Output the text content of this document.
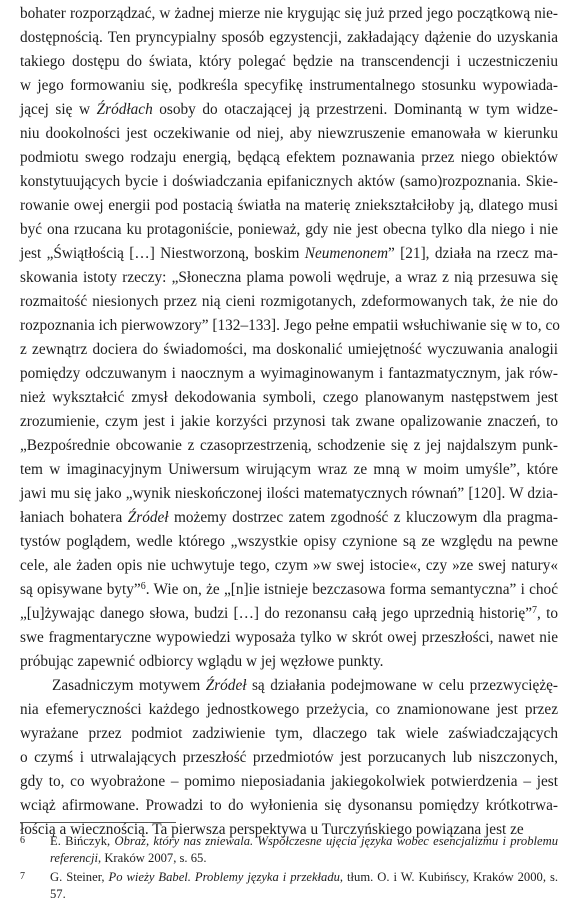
bohater rozporządzać, w żadnej mierze nie krygując się już przed jego początkową nie-
dostępnością. Ten pryncypialny sposób egzystencji, zakładający dążenie do uzyskania
takiego dostępu do świata, który polegać będzie na transcendencji i uczestniczeniu
w jego formowaniu się, podkreśla specyfikę instrumentalnego stosunku wypowiada-
jącej się w Źródłach osoby do otaczającej ją przestrzeni. Dominantą w tym widze-
niu dookolności jest oczekiwanie od niej, aby niewzruszenie emanowała w kierunku
podmiotu swego rodzaju energią, będącą efektem poznawania przez niego obiektów
konstytuujących bycie i doświadczania epifanicznych aktów (samo)rozpoznania. Skie-
rowanie owej energii pod postacią światła na materię zniekształciłoby ją, dlatego musi
być ona rzucana ku protagoniście, ponieważ, gdy nie jest obecna tylko dla niego i nie
jest „Świątłością […] Niestworzoną, boskim Neumenonem” [21], działa na rzecz ma-
skowania istoty rzeczy: „Słoneczna plama powoli wędruje, a wraz z nią przesuwa się
rozmaitość niesionych przez nią cieni rozmigotanych, zdeformowanych tak, że nie do
rozpoznania ich pierwowzory” [132–133]. Jego pełne empatii wsłuchiwanie się w to, co
z zewnątrz dociera do świadomości, ma doskonalić umiejętność wyczuwania analogii
pomiędzy odczuwanym i naocznym a wyimaginowanym i fantazmatycznym, jak rów-
nież wykształcić zmysł dekodowania symboli, czego planowanym następstwem jest
zrozumienie, czym jest i jakie korzyści przynosi tak zwane opalizowanie znaczeń, to
„Bezpośrednie obcowanie z czasoprzestrzenią, schodzenie się z jej najdalszym punk-
tem w imaginacyjnym Uniwersum wirującym wraz ze mną w moim umyśle”, które
jawi mu się jako „wynik nieskończonej ilości matematycznych równań” [120]. W dzia-
łaniach bohatera Źródeł możemy dostrzec zatem zgodność z kluczowym dla pragma-
tystów poglądem, wedle którego „wszystkie opisy czynione są ze względu na pewne
cele, ale żaden opis nie uchwytuje tego, czym »w swej istocie«, czy »ze swej natury«
są opisywane byty”$^6$. Wie on, że „[n]ie istnieje bezczasowa forma semantyczna” i choć
„[u]żywając danego słowa, budzi […] do rezonansu całą jego uprzednią historię”$^7$, to
swe fragmentaryczne wypowiedzi wyposaża tylko w skrót owej przeszłości, nawet nie
próbując zapewnić odbiorcy wglądu w jej węzłowe punkty.
Zasadniczym motywem Źródeł są działania podejmowane w celu przezwyciężę-
nia efemeryczności każdego jednostkowego przeżycia, co znamionowane jest przez
wyrażane przez podmiot zadziwienie tym, dlaczego tak wiele zaświadczających
o czymś i utrwalających przeszłość przedmiotów jest porzucanych lub niszczonych,
gdy to, co wyobrażone – pomimo nieposiadania jakiegokolwiek potwierdzenia – jest
wciąż afirmowane. Prowadzi to do wyłonienia się dysonansu pomiędzy krótkotrwa-
łością a wiecznością. Ta pierwsza perspektywa u Turczyńskiego powiązana jest ze
6 E. Bińczyk, Obraz, który nas zniewala. Współczesne ujęcia języka wobec esencjalizmu i problemu referencji, Kraków 2007, s. 65.
7 G. Steiner, Po wieży Babel. Problemy języka i przekładu, tłum. O. i W. Kubińscy, Kraków 2000, s. 57.
